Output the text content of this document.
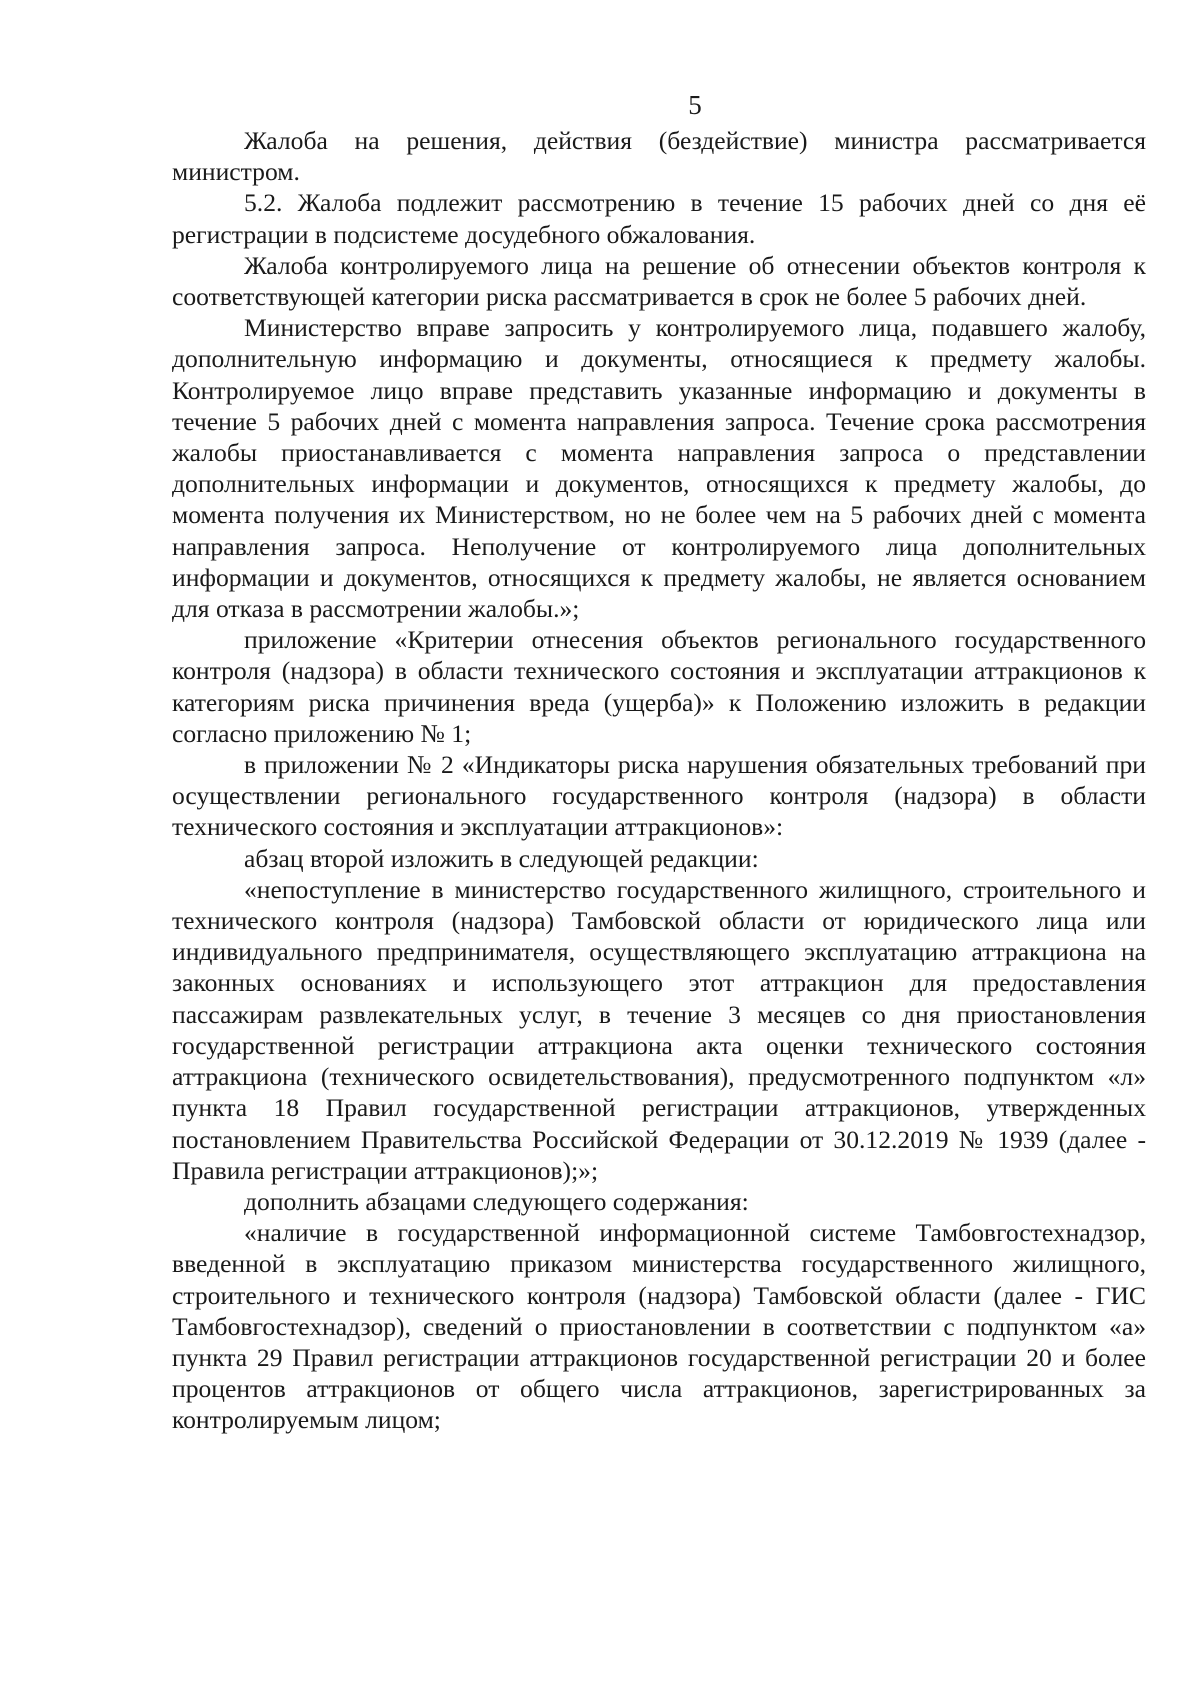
5

Жалоба на решения, действия (бездействие) министра рассматривается министром.

5.2. Жалоба подлежит рассмотрению в течение 15 рабочих дней со дня её регистрации в подсистеме досудебного обжалования.

Жалоба контролируемого лица на решение об отнесении объектов контроля к соответствующей категории риска рассматривается в срок не более 5 рабочих дней.

Министерство вправе запросить у контролируемого лица, подавшего жалобу, дополнительную информацию и документы, относящиеся к предмету жалобы. Контролируемое лицо вправе представить указанные информацию и документы в течение 5 рабочих дней с момента направления запроса. Течение срока рассмотрения жалобы приостанавливается с момента направления запроса о представлении дополнительных информации и документов, относящихся к предмету жалобы, до момента получения их Министерством, но не более чем на 5 рабочих дней с момента направления запроса. Неполучение от контролируемого лица дополнительных информации и документов, относящихся к предмету жалобы, не является основанием для отказа в рассмотрении жалобы.»;

приложение «Критерии отнесения объектов регионального государственного контроля (надзора) в области технического состояния и эксплуатации аттракционов к категориям риска причинения вреда (ущерба)» к Положению изложить в редакции согласно приложению № 1;

в приложении № 2 «Индикаторы риска нарушения обязательных требований при осуществлении регионального государственного контроля (надзора) в области технического состояния и эксплуатации аттракционов»:

абзац второй изложить в следующей редакции:

«непоступление в министерство государственного жилищного, строительного и технического контроля (надзора) Тамбовской области от юридического лица или индивидуального предпринимателя, осуществляющего эксплуатацию аттракциона на законных основаниях и использующего этот аттракцион для предоставления пассажирам развлекательных услуг, в течение 3 месяцев со дня приостановления государственной регистрации аттракциона акта оценки технического состояния аттракциона (технического освидетельствования), предусмотренного подпунктом «л» пункта 18 Правил государственной регистрации аттракционов, утвержденных постановлением Правительства Российской Федерации от 30.12.2019 № 1939 (далее - Правила регистрации аттракционов);»;

дополнить абзацами следующего содержания:

«наличие в государственной информационной системе Тамбовгостехнадзор, введенной в эксплуатацию приказом министерства государственного жилищного, строительного и технического контроля (надзора) Тамбовской области (далее - ГИС Тамбовгостехнадзор), сведений о приостановлении в соответствии с подпунктом «а» пункта 29 Правил регистрации аттракционов государственной регистрации 20 и более процентов аттракционов от общего числа аттракционов, зарегистрированных за контролируемым лицом;
